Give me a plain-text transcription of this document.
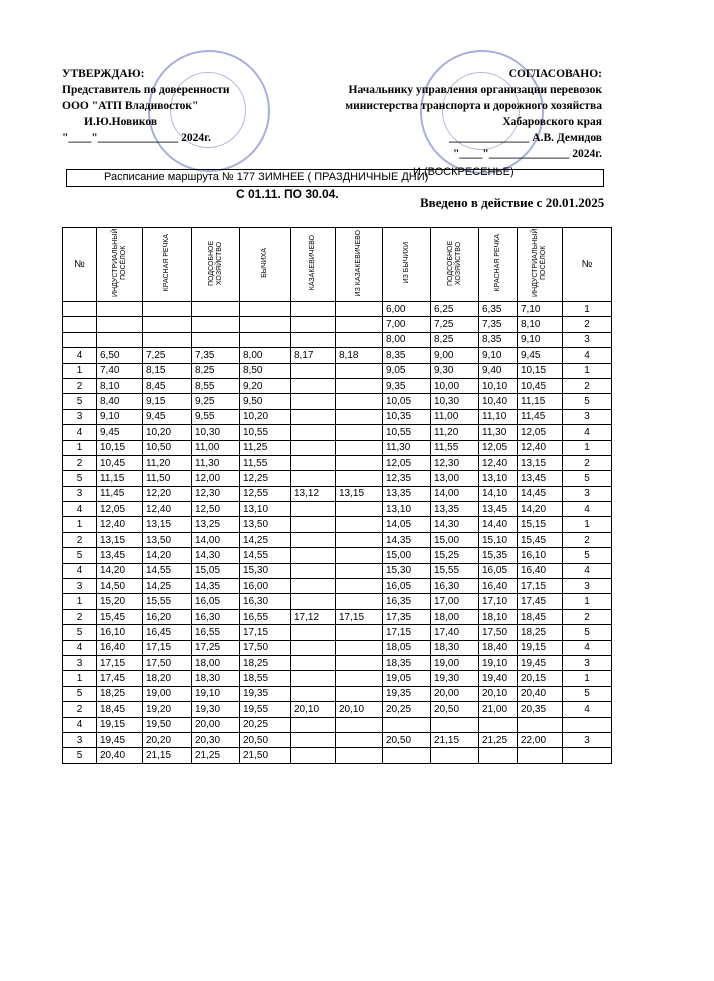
УТВЕРЖДАЮ:
Представитель по доверенности
ООО "АТП Владивосток"
И.Ю.Новиков
"____"______________ 2024г.
СОГЛАСОВАНО:
Начальнику управления организации перевозок
министерства транспорта и дорожного хозяйства
Хабаровского края
______________ А.В. Демидов
"____"______________ 2024г.
Расписание маршрута № 177 ЗИМНЕЕ ( ПРАЗДНИЧНЫЕ ДНИ)
И (ВОСКРЕСЕНЬЕ)
С 01.11. ПО 30.04.
Введено в действие с 20.01.2025
№	ИНДУСТРИАЛЬНЫЙ ПОСЁЛОК	КРАСНАЯ РЕЧКА	ПОДСОБНОЕ ХОЗЯЙСТВО	БЫЧИХА	КАЗАКЕВИЧЕВО	ИЗ КАЗАКЕВИЧЕВО	ИЗ БЫЧИХИ	ПОДСОБНОЕ ХОЗЯЙСТВО	КРАСНАЯ РЕЧКА	ИНДУСТРИАЛЬНЫЙ ПОСЁЛОК	№
							6,00	6,25	6,35	7,10	1
							7,00	7,25	7,35	8,10	2
							8,00	8,25	8,35	9,10	3
4	6,50	7,25	7,35	8,00	8,17	8,18	8,35	9,00	9,10	9,45	4
1	7,40	8,15	8,25	8,50			9,05	9,30	9,40	10,15	1
2	8,10	8,45	8,55	9,20			9,35	10,00	10,10	10,45	2
5	8,40	9,15	9,25	9,50			10,05	10,30	10,40	11,15	5
3	9,10	9,45	9,55	10,20			10,35	11,00	11,10	11,45	3
4	9,45	10,20	10,30	10,55			10,55	11,20	11,30	12,05	4
1	10,15	10,50	11,00	11,25			11,30	11,55	12,05	12,40	1
2	10,45	11,20	11,30	11,55			12,05	12,30	12,40	13,15	2
5	11,15	11,50	12,00	12,25			12,35	13,00	13,10	13,45	5
3	11,45	12,20	12,30	12,55	13,12	13,15	13,35	14,00	14,10	14,45	3
4	12,05	12,40	12,50	13,10			13,10	13,35	13,45	14,20	4
1	12,40	13,15	13,25	13,50			14,05	14,30	14,40	15,15	1
2	13,15	13,50	14,00	14,25			14,35	15,00	15,10	15,45	2
5	13,45	14,20	14,30	14,55			15,00	15,25	15,35	16,10	5
4	14,20	14,55	15,05	15,30			15,30	15,55	16,05	16,40	4
3	14,50	14,25	14,35	16,00			16,05	16,30	16,40	17,15	3
1	15,20	15,55	16,05	16,30			16,35	17,00	17,10	17,45	1
2	15,45	16,20	16,30	16,55	17,12	17,15	17,35	18,00	18,10	18,45	2
5	16,10	16,45	16,55	17,15			17,15	17,40	17,50	18,25	5
4	16,40	17,15	17,25	17,50			18,05	18,30	18,40	19,15	4
3	17,15	17,50	18,00	18,25			18,35	19,00	19,10	19,45	3
1	17,45	18,20	18,30	18,55			19,05	19,30	19,40	20,15	1
5	18,25	19,00	19,10	19,35			19,35	20,00	20,10	20,40	5
2	18,45	19,20	19,30	19,55	20,10	20,10	20,25	20,50	21,00	20,35	4
4	19,15	19,50	20,00	20,25							
3	19,45	20,20	20,30	20,50			20,50	21,15	21,25	22,00	3
5	20,40	21,15	21,25	21,50							
